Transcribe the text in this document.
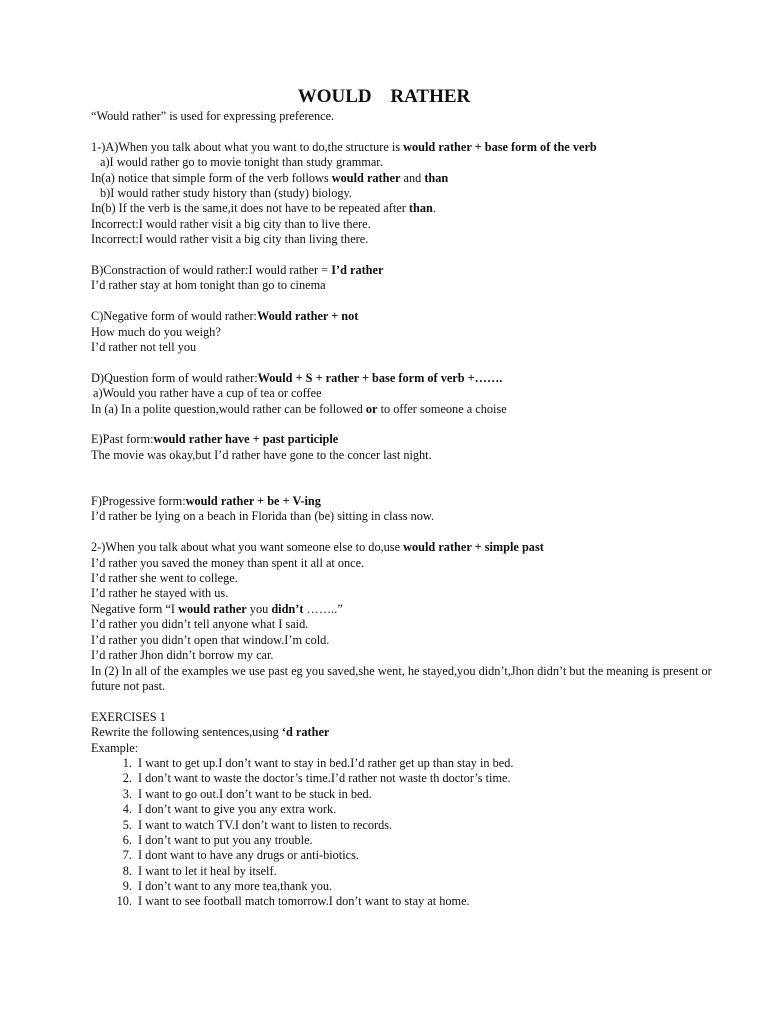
WOULD RATHER
“Would rather” is used for expressing preference.
1-)A)When you talk about what you want to do,the structure is would rather + base form of the verb
a)I would rather go to movie tonight than study grammar.
In(a) notice that simple form of the verb follows would rather and than
b)I would rather study history than (study) biology.
In(b) If the verb is the same,it does not have to be repeated after than.
Incorrect:I would rather visit a big city than to live there.
Incorrect:I would rather visit a big city than living there.
B)Constraction of would rather:I would rather = I’d rather
I’d rather stay at hom tonight than go to cinema
C)Negative form of would rather:Would rather + not
How much do you weigh?
I’d rather not tell you
D)Question form of would rather:Would + S + rather + base form of verb +…….
a)Would you rather have a cup of tea or coffee
In (a) In a polite question,would rather can be followed or to offer someone a choise
E)Past form:would rather have + past participle
The movie was okay,but I’d rather have gone to the concer last night.
F)Progessive form:would rather + be + V-ing
I’d rather be lying on a beach in Florida than (be) sitting in class now.
2-)When you talk about what you want someone else to do,use would rather + simple past
I’d rather you saved the money than spent it all at once.
I’d rather she went to college.
I’d rather he stayed with us.
Negative form “I would rather you didn’t ……..”
I’d rather you didn’t tell anyone what I said.
I’d rather you didn’t open that window.I’m cold.
I’d rather Jhon didn’t borrow my car.
In (2) In all of the examples we use past eg you saved,she went, he stayed,you didn’t,Jhon didn’t but the meaning is present or future not past.
EXERCISES 1
Rewrite the following sentences,using ‘d rather
Example:
1. I want to get up.I don’t want to stay in bed.I’d rather get up than stay in bed.
2. I don’t want to waste the doctor’s time.I’d rather not waste th doctor’s time.
3. I want to go out.I don’t want to be stuck in bed.
4. I don’t want to give you any extra work.
5. I want to watch TV.I don’t want to listen to records.
6. I don’t want to put you any trouble.
7. I dont want to have any drugs or anti-biotics.
8. I want to let it heal by itself.
9. I don’t want to any more tea,thank you.
10. I want to see football match tomorrow.I don’t want to stay at home.
